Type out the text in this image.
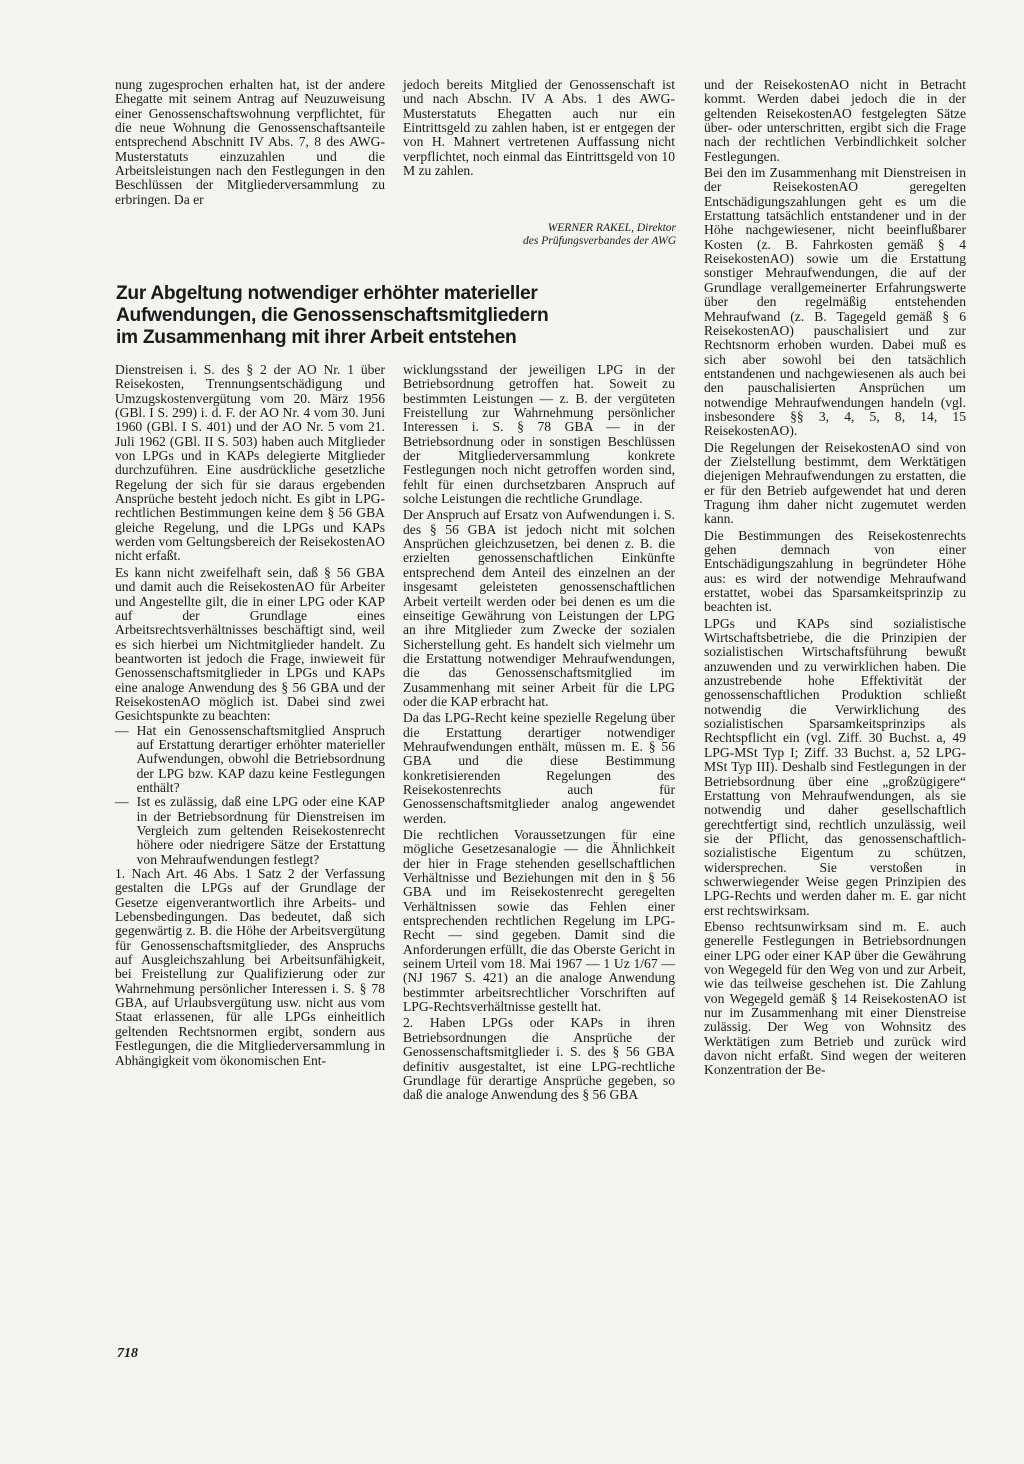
nung zugesprochen erhalten hat, ist der andere Ehegatte mit seinem Antrag auf Neuzuweisung einer Genossenschaftswohnung verpflichtet, für die neue Wohnung die Genossenschaftsanteile entsprechend Abschnitt IV Abs. 7, 8 des AWG-Musterstatuts einzuzahlen und die Arbeitsleistungen nach den Festlegungen in den Beschlüssen der Mitgliederversammlung zu erbringen. Da er

jedoch bereits Mitglied der Genossenschaft ist und nach Abschn. IV A Abs. 1 des AWG-Musterstatuts Ehegatten auch nur ein Eintrittsgeld zu zahlen haben, ist er entgegen der von H. Mahnert vertretenen Auffassung nicht verpflichtet, noch einmal das Eintrittsgeld von 10 M zu zahlen.

WERNER RAKEL, Direktor
des Prüfungsverbandes der AWG
Zur Abgeltung notwendiger erhöhter materieller
Aufwendungen, die Genossenschaftsmitgliedern
im Zusammenhang mit ihrer Arbeit entstehen

Dienstreisen i. S. des § 2 der AO Nr. 1 über Reisekosten, Trennungsentschädigung und Umzugskostenvergütung vom 20. März 1956 (GBl. I S. 299) i. d. F. der AO Nr. 4 vom 30. Juni 1960 (GBl. I S. 401) und der AO Nr. 5 vom 21. Juli 1962 (GBl. II S. 503) haben auch Mitglieder von LPGs und in KAPs delegierte Mitglieder durchzuführen. Eine ausdrückliche gesetzliche Regelung der sich für sie daraus ergebenden Ansprüche besteht jedoch nicht. Es gibt in LPG-rechtlichen Bestimmungen keine dem § 56 GBA gleiche Regelung, und die LPGs und KAPs werden vom Geltungsbereich der ReisekostenAO nicht erfaßt.

Es kann nicht zweifelhaft sein, daß § 56 GBA und damit auch die ReisekostenAO für Arbeiter und Angestellte gilt, die in einer LPG oder KAP auf der Grundlage eines Arbeitsrechtsverhältnisses beschäftigt sind, weil es sich hierbei um Nichtmitglieder handelt. Zu beantworten ist jedoch die Frage, inwieweit für Genossenschaftsmitglieder in LPGs und KAPs eine analoge Anwendung des § 56 GBA und der ReisekostenAO möglich ist. Dabei sind zwei Gesichtspunkte zu beachten:

— Hat ein Genossenschaftsmitglied Anspruch auf Erstattung derartiger erhöhter materieller Aufwendungen, obwohl die Betriebsordnung der LPG bzw. KAP dazu keine Festlegungen enthält?
— Ist es zulässig, daß eine LPG oder eine KAP in der Betriebsordnung für Dienstreisen im Vergleich zum geltenden Reisekostenrecht höhere oder niedrigere Sätze der Erstattung von Mehraufwendungen festlegt?

1. Nach Art. 46 Abs. 1 Satz 2 der Verfassung gestalten die LPGs auf der Grundlage der Gesetze eigenverantwortlich ihre Arbeits- und Lebensbedingungen. Das bedeutet, daß sich gegenwärtig z. B. die Höhe der Arbeitsvergütung für Genossenschaftsmitglieder, des Anspruchs auf Ausgleichszahlung bei Arbeitsunfähigkeit, bei Freistellung zur Qualifizierung oder zur Wahrnehmung persönlicher Interessen i. S. § 78 GBA, auf Urlaubsvergütung usw. nicht aus vom Staat erlassenen, für alle LPGs einheitlich geltenden Rechtsnormen ergibt, sondern aus Festlegungen, die die Mitgliederversammlung in Abhängigkeit vom ökonomischen Ent-

wicklungsstand der jeweiligen LPG in der Betriebsordnung getroffen hat. Soweit zu bestimmten Leistungen — z. B. der vergüteten Freistellung zur Wahrnehmung persönlicher Interessen i. S. § 78 GBA — in der Betriebsordnung oder in sonstigen Beschlüssen der Mitgliederversammlung konkrete Festlegungen noch nicht getroffen worden sind, fehlt für einen durchsetzbaren Anspruch auf solche Leistungen die rechtliche Grundlage.

Der Anspruch auf Ersatz von Aufwendungen i. S. des § 56 GBA ist jedoch nicht mit solchen Ansprüchen gleichzusetzen, bei denen z. B. die erzielten genossenschaftlichen Einkünfte entsprechend dem Anteil des einzelnen an der insgesamt geleisteten genossenschaftlichen Arbeit verteilt werden oder bei denen es um die einseitige Gewährung von Leistungen der LPG an ihre Mitglieder zum Zwecke der sozialen Sicherstellung geht. Es handelt sich vielmehr um die Erstattung notwendiger Mehraufwendungen, die das Genossenschaftsmitglied im Zusammenhang mit seiner Arbeit für die LPG oder die KAP erbracht hat.

Da das LPG-Recht keine spezielle Regelung über die Erstattung derartiger notwendiger Mehraufwendungen enthält, müssen m. E. § 56 GBA und die diese Bestimmung konkretisierenden Regelungen des Reisekostenrechts auch für Genossenschaftsmitglieder analog angewendet werden.

Die rechtlichen Voraussetzungen für eine mögliche Gesetzesanalogie — die Ähnlichkeit der hier in Frage stehenden gesellschaftlichen Verhältnisse und Beziehungen mit den in § 56 GBA und im Reisekostenrecht geregelten Verhältnissen sowie das Fehlen einer entsprechenden rechtlichen Regelung im LPG-Recht — sind gegeben. Damit sind die Anforderungen erfüllt, die das Oberste Gericht in seinem Urteil vom 18. Mai 1967 — 1 Uz 1/67 — (NJ 1967 S. 421) an die analoge Anwendung bestimmter arbeitsrechtlicher Vorschriften auf LPG-Rechtsverhältnisse gestellt hat.

2. Haben LPGs oder KAPs in ihren Betriebsordnungen die Ansprüche der Genossenschaftsmitglieder i. S. des § 56 GBA definitiv ausgestaltet, ist eine LPG-rechtliche Grundlage für derartige Ansprüche gegeben, so daß die analoge Anwendung des § 56 GBA

und der ReisekostenAO nicht in Betracht kommt. Werden dabei jedoch die in der geltenden ReisekostenAO festgelegten Sätze über- oder unterschritten, ergibt sich die Frage nach der rechtlichen Verbindlichkeit solcher Festlegungen.

Bei den im Zusammenhang mit Dienstreisen in der ReisekostenAO geregelten Entschädigungszahlungen geht es um die Erstattung tatsächlich entstandener und in der Höhe nachgewiesener, nicht beeinflußbarer Kosten (z. B. Fahrkosten gemäß § 4 ReisekostenAO) sowie um die Erstattung sonstiger Mehraufwendungen, die auf der Grundlage verallgemeinerter Erfahrungswerte über den regelmäßig entstehenden Mehraufwand (z. B. Tagegeld gemäß § 6 ReisekostenAO) pauschalisiert und zur Rechtsnorm erhoben wurden. Dabei muß es sich aber sowohl bei den tatsächlich entstandenen und nachgewiesenen als auch bei den pauschalisierten Ansprüchen um notwendige Mehraufwendungen handeln (vgl. insbesondere §§ 3, 4, 5, 8, 14, 15 ReisekostenAO).

Die Regelungen der ReisekostenAO sind von der Zielstellung bestimmt, dem Werktätigen diejenigen Mehraufwendungen zu erstatten, die er für den Betrieb aufgewendet hat und deren Tragung ihm daher nicht zugemutet werden kann.

Die Bestimmungen des Reisekostenrechts gehen demnach von einer Entschädigungszahlung in begründeter Höhe aus: es wird der notwendige Mehraufwand erstattet, wobei das Sparsamkeitsprinzip zu beachten ist.

LPGs und KAPs sind sozialistische Wirtschaftsbetriebe, die die Prinzipien der sozialistischen Wirtschaftsführung bewußt anzuwenden und zu verwirklichen haben. Die anzustrebende hohe Effektivität der genossenschaftlichen Produktion schließt notwendig die Verwirklichung des sozialistischen Sparsamkeitsprinzips als Rechtspflicht ein (vgl. Ziff. 30 Buchst. a, 49 LPG-MSt Typ I; Ziff. 33 Buchst. a, 52 LPG-MSt Typ III). Deshalb sind Festlegungen in der Betriebsordnung über eine „großzügigere“ Erstattung von Mehraufwendungen, als sie notwendig und daher gesellschaftlich gerechtfertigt sind, rechtlich unzulässig, weil sie der Pflicht, das genossenschaftlich-sozialistische Eigentum zu schützen, widersprechen. Sie verstoßen in schwerwiegender Weise gegen Prinzipien des LPG-Rechts und werden daher m. E. gar nicht erst rechtswirksam.

Ebenso rechtsunwirksam sind m. E. auch generelle Festlegungen in Betriebsordnungen einer LPG oder einer KAP über die Gewährung von Wegegeld für den Weg von und zur Arbeit, wie das teilweise geschehen ist. Die Zahlung von Wegegeld gemäß § 14 ReisekostenAO ist nur im Zusammenhang mit einer Dienstreise zulässig. Der Weg von Wohnsitz des Werktätigen zum Betrieb und zurück wird davon nicht erfaßt. Sind wegen der weiteren Konzentration der Be-

718
